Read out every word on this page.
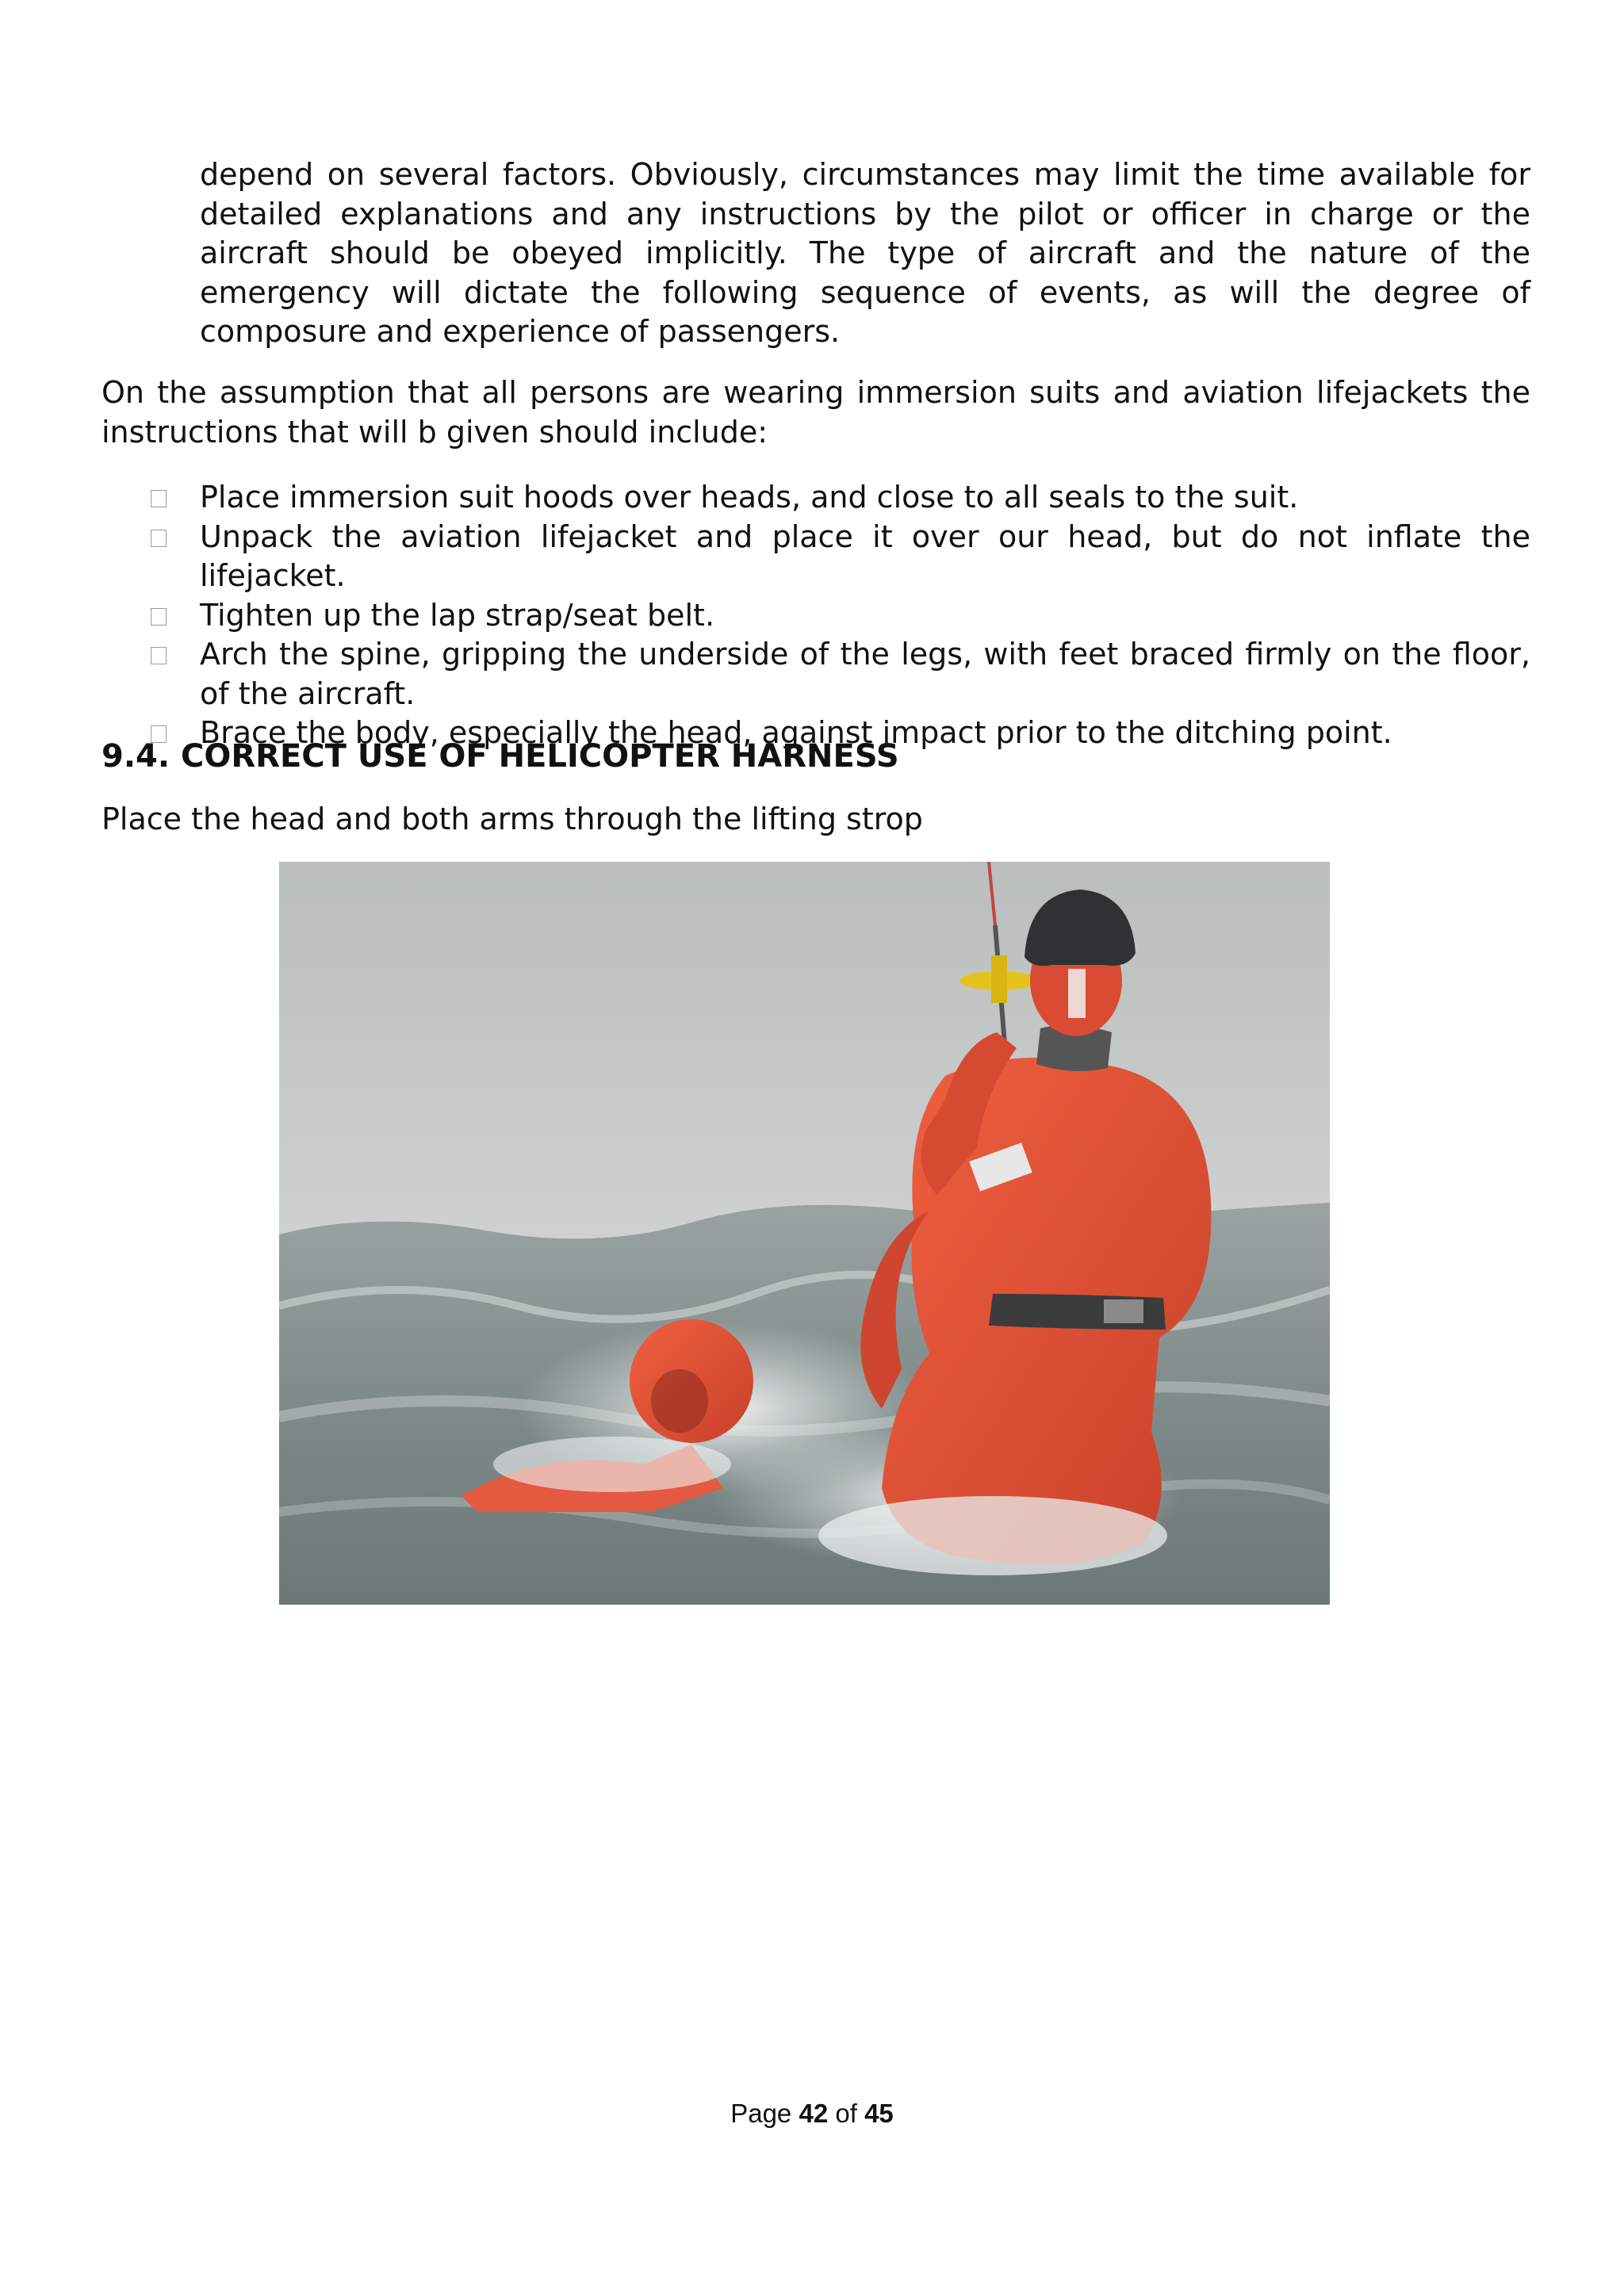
depend on several factors. Obviously, circumstances may limit the time available for detailed explanations and any instructions by the pilot or officer in charge or the aircraft should be obeyed implicitly. The type of aircraft and the nature of the emergency will dictate the following sequence of events, as will the degree of composure and experience of passengers.

On the assumption that all persons are wearing immersion suits and aviation lifejackets the instructions that will b given should include:

Place immersion suit hoods over heads, and close to all seals to the suit.
Unpack the aviation lifejacket and place it over our head, but do not inflate the lifejacket.
Tighten up the lap strap/seat belt.
Arch the spine, gripping the underside of the legs, with feet braced firmly on the floor, of the aircraft.
Brace the body, especially the head, against impact prior to the ditching point.
9.4. CORRECT USE OF HELICOPTER HARNESS

Place the head and both arms through the lifting strop

Page 42 of 45
